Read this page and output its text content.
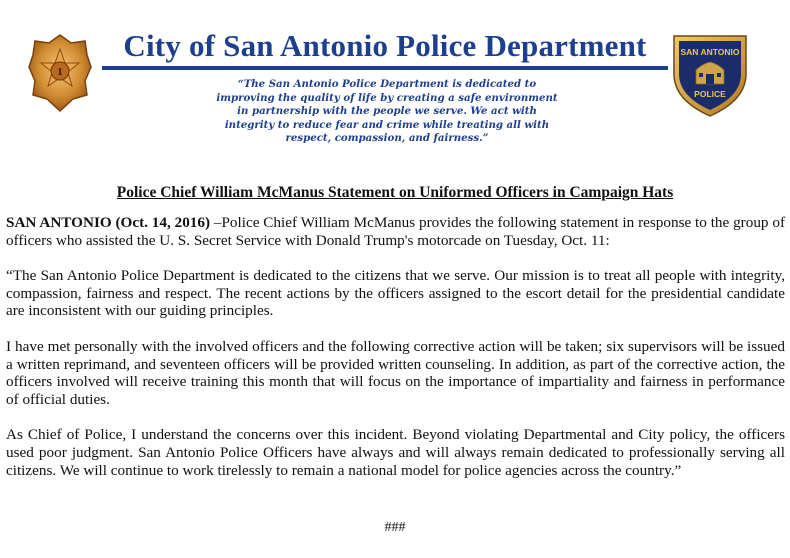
1
City of San Antonio Police Department
“The San Antonio Police Department is dedicated to improving the quality of life by creating a safe environment in partnership with the people we serve. We act with integrity to reduce fear and crime while treating all with respect, compassion, and fairness.”
SAN ANTONIO
POLICE
Police Chief William McManus Statement on Uniformed Officers in Campaign Hats

SAN ANTONIO (Oct. 14, 2016) –Police Chief William McManus provides the following statement in response to the group of officers who assisted the U. S. Secret Service with Donald Trump's motorcade on Tuesday, Oct. 11:

“The San Antonio Police Department is dedicated to the citizens that we serve. Our mission is to treat all people with integrity, compassion, fairness and respect. The recent actions by the officers assigned to the escort detail for the presidential candidate are inconsistent with our guiding principles.

I have met personally with the involved officers and the following corrective action will be taken; six supervisors will be issued a written reprimand, and seventeen officers will be provided written counseling. In addition, as part of the corrective action, the officers involved will receive training this month that will focus on the importance of impartiality and fairness in performance of official duties.

As Chief of Police, I understand the concerns over this incident. Beyond violating Departmental and City policy, the officers used poor judgment. San Antonio Police Officers have always and will always remain dedicated to professionally serving all citizens. We will continue to work tirelessly to remain a national model for police agencies across the country.”

###
